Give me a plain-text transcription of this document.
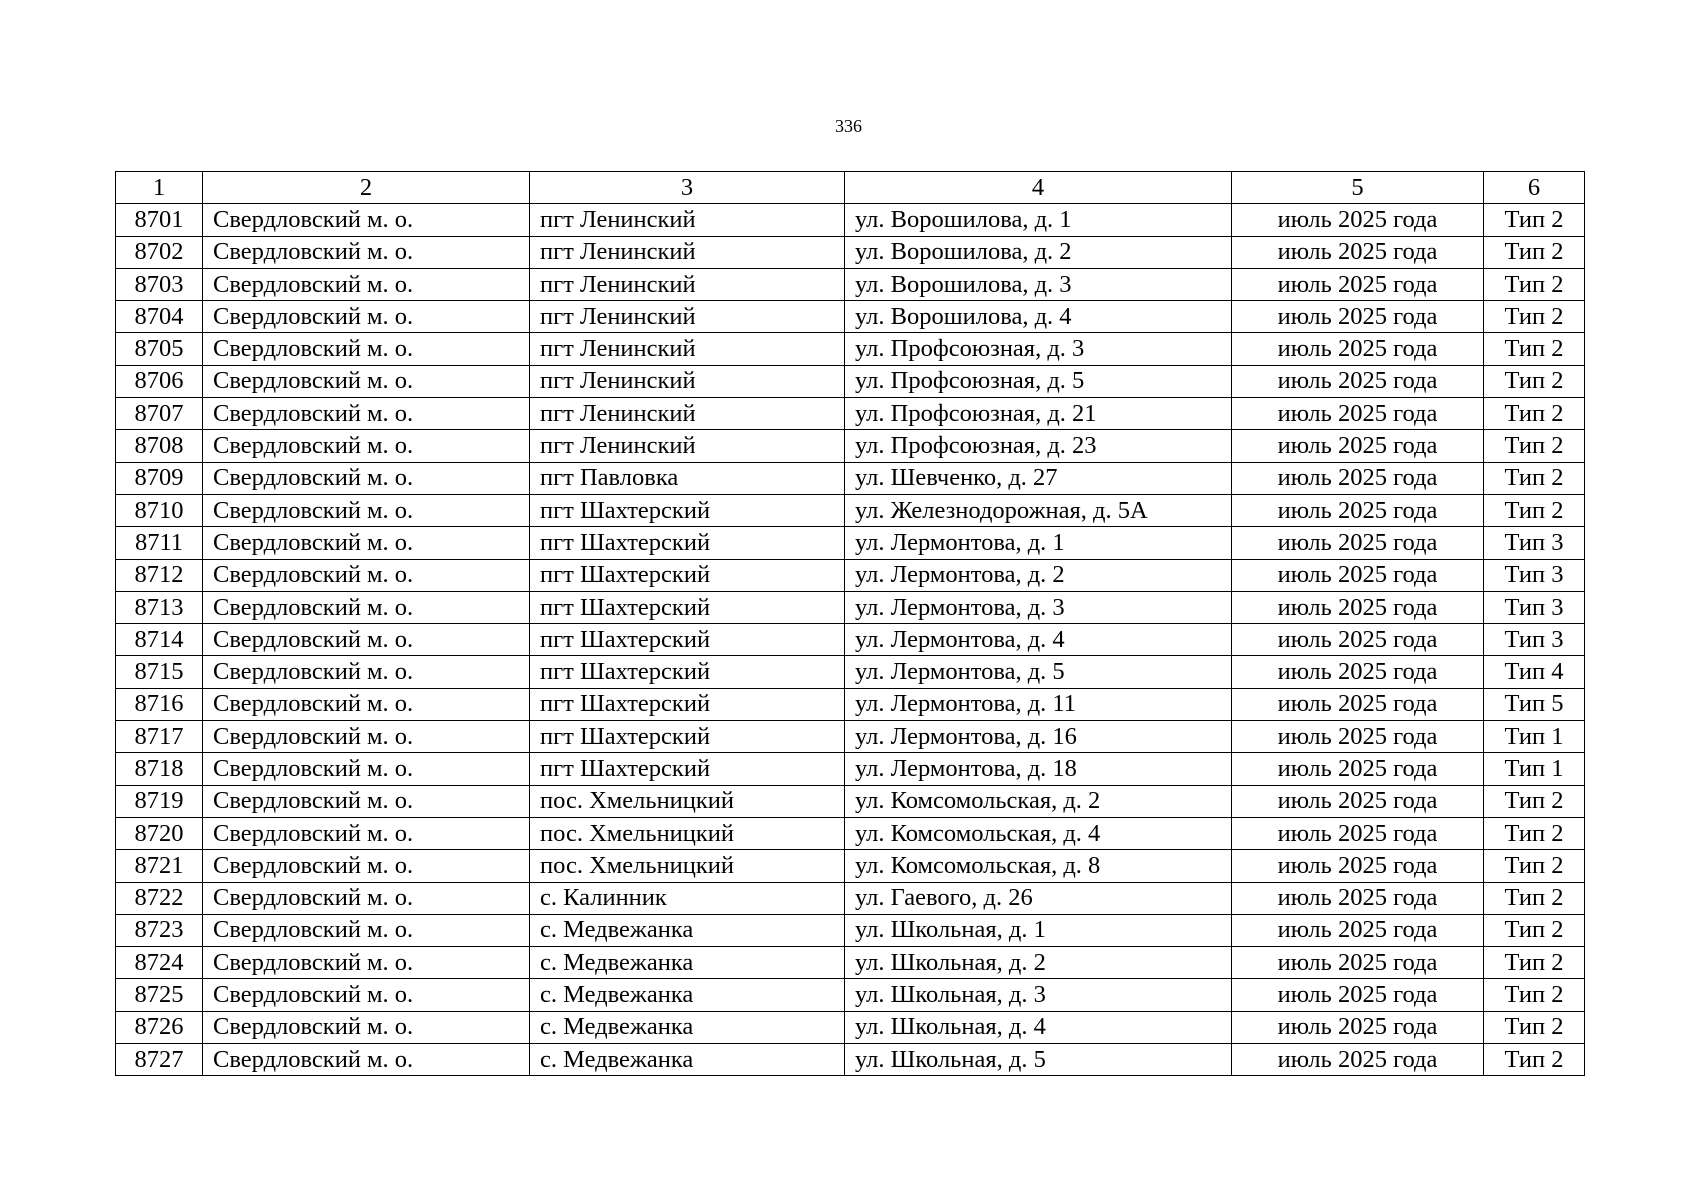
336
1	2	3	4	5	6
8701	Свердловский м. о.	пгт Ленинский	ул. Ворошилова, д. 1	июль 2025 года	Тип 2
8702	Свердловский м. о.	пгт Ленинский	ул. Ворошилова, д. 2	июль 2025 года	Тип 2
8703	Свердловский м. о.	пгт Ленинский	ул. Ворошилова, д. 3	июль 2025 года	Тип 2
8704	Свердловский м. о.	пгт Ленинский	ул. Ворошилова, д. 4	июль 2025 года	Тип 2
8705	Свердловский м. о.	пгт Ленинский	ул. Профсоюзная, д. 3	июль 2025 года	Тип 2
8706	Свердловский м. о.	пгт Ленинский	ул. Профсоюзная, д. 5	июль 2025 года	Тип 2
8707	Свердловский м. о.	пгт Ленинский	ул. Профсоюзная, д. 21	июль 2025 года	Тип 2
8708	Свердловский м. о.	пгт Ленинский	ул. Профсоюзная, д. 23	июль 2025 года	Тип 2
8709	Свердловский м. о.	пгт Павловка	ул. Шевченко, д. 27	июль 2025 года	Тип 2
8710	Свердловский м. о.	пгт Шахтерский	ул. Железнодорожная, д. 5А	июль 2025 года	Тип 2
8711	Свердловский м. о.	пгт Шахтерский	ул. Лермонтова, д. 1	июль 2025 года	Тип 3
8712	Свердловский м. о.	пгт Шахтерский	ул. Лермонтова, д. 2	июль 2025 года	Тип 3
8713	Свердловский м. о.	пгт Шахтерский	ул. Лермонтова, д. 3	июль 2025 года	Тип 3
8714	Свердловский м. о.	пгт Шахтерский	ул. Лермонтова, д. 4	июль 2025 года	Тип 3
8715	Свердловский м. о.	пгт Шахтерский	ул. Лермонтова, д. 5	июль 2025 года	Тип 4
8716	Свердловский м. о.	пгт Шахтерский	ул. Лермонтова, д. 11	июль 2025 года	Тип 5
8717	Свердловский м. о.	пгт Шахтерский	ул. Лермонтова, д. 16	июль 2025 года	Тип 1
8718	Свердловский м. о.	пгт Шахтерский	ул. Лермонтова, д. 18	июль 2025 года	Тип 1
8719	Свердловский м. о.	пос. Хмельницкий	ул. Комсомольская, д. 2	июль 2025 года	Тип 2
8720	Свердловский м. о.	пос. Хмельницкий	ул. Комсомольская, д. 4	июль 2025 года	Тип 2
8721	Свердловский м. о.	пос. Хмельницкий	ул. Комсомольская, д. 8	июль 2025 года	Тип 2
8722	Свердловский м. о.	с. Калинник	ул. Гаевого, д. 26	июль 2025 года	Тип 2
8723	Свердловский м. о.	с. Медвежанка	ул. Школьная, д. 1	июль 2025 года	Тип 2
8724	Свердловский м. о.	с. Медвежанка	ул. Школьная, д. 2	июль 2025 года	Тип 2
8725	Свердловский м. о.	с. Медвежанка	ул. Школьная, д. 3	июль 2025 года	Тип 2
8726	Свердловский м. о.	с. Медвежанка	ул. Школьная, д. 4	июль 2025 года	Тип 2
8727	Свердловский м. о.	с. Медвежанка	ул. Школьная, д. 5	июль 2025 года	Тип 2
